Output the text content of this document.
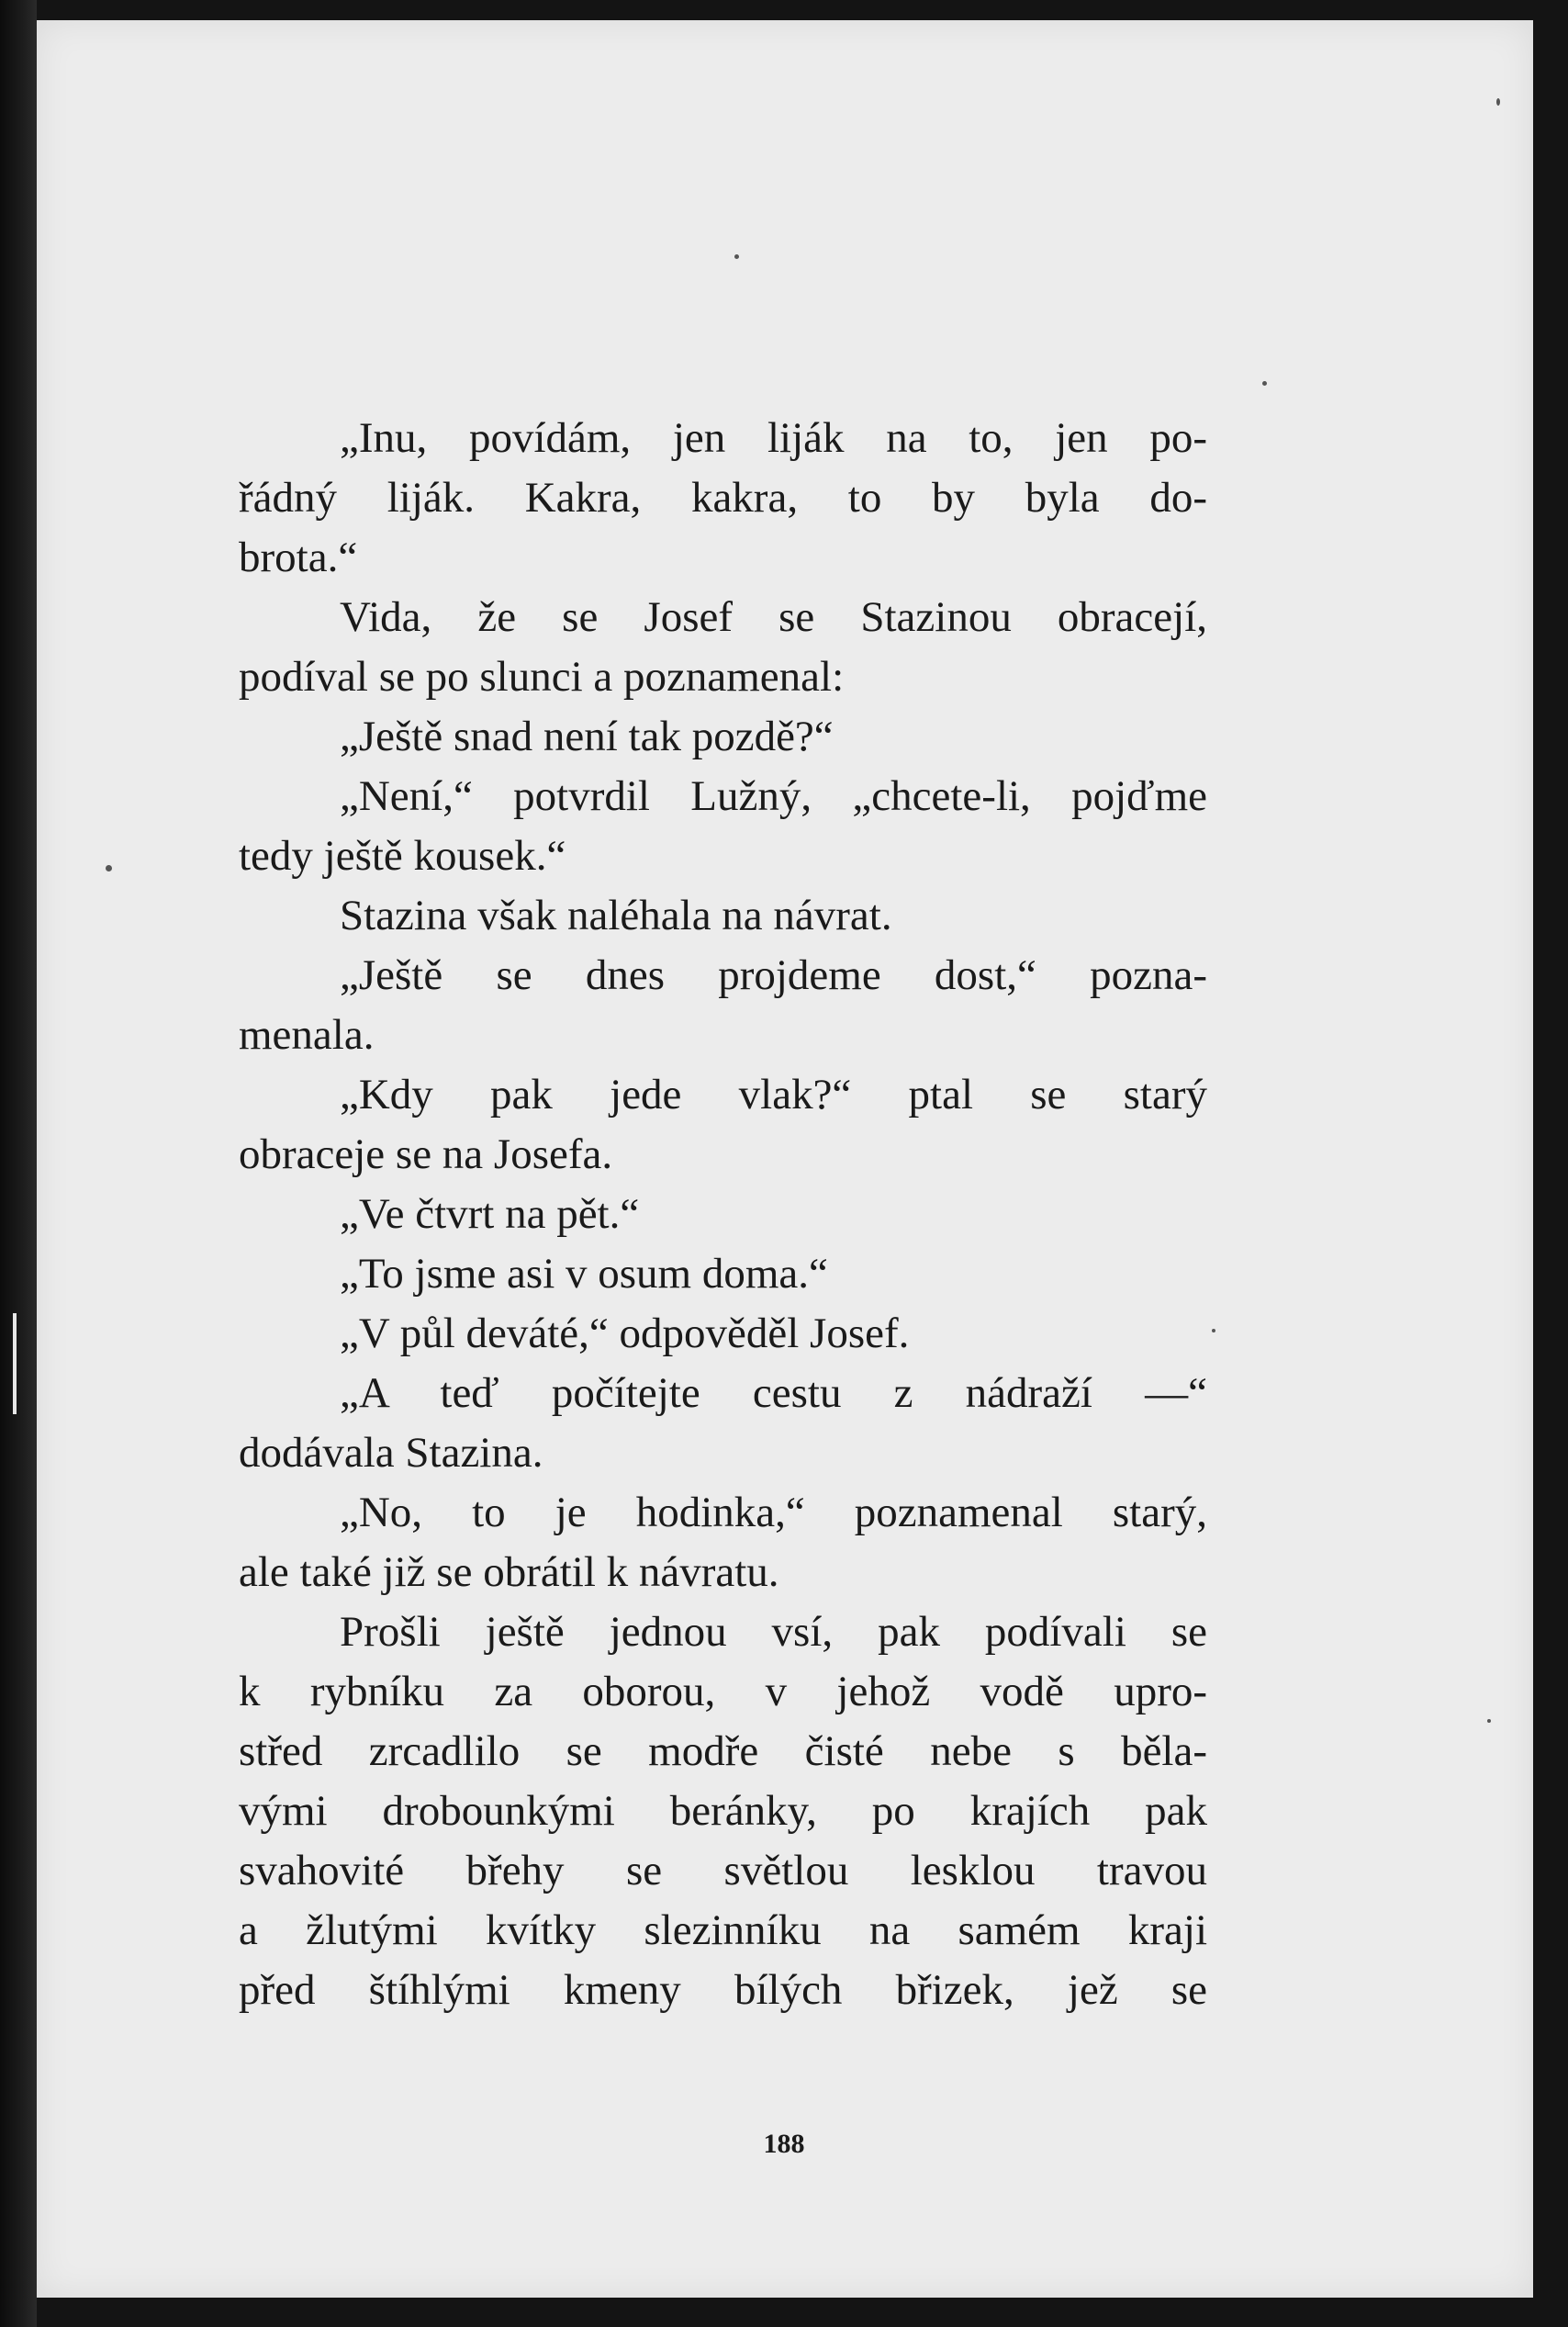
„Inu, povídám, jen liják na to, jen po-
řádný liják. Kakra, kakra, to by byla do-
brota.“
Vida, že se Josef se Stazinou obracejí,
podíval se po slunci a poznamenal:
„Ještě snad není tak pozdě?“
„Není,“ potvrdil Lužný, „chcete-li, pojďme
tedy ještě kousek.“
Stazina však naléhala na návrat.
„Ještě se dnes projdeme dost,“ pozna-
menala.
„Kdy pak jede vlak?“ ptal se starý
obraceje se na Josefa.
„Ve čtvrt na pět.“
„To jsme asi v osum doma.“
„V půl deváté,“ odpověděl Josef.
„A teď počítejte cestu z nádraží —“
dodávala Stazina.
„No, to je hodinka,“ poznamenal starý,
ale také již se obrátil k návratu.
Prošli ještě jednou vsí, pak podívali se
k rybníku za oborou, v jehož vodě upro-
střed zrcadlilo se modře čisté nebe s běla-
vými drobounkými beránky, po krajích pak
svahovité břehy se světlou lesklou travou
a žlutými kvítky slezinníku na samém kraji
před štíhlými kmeny bílých břizek, jež se
188
